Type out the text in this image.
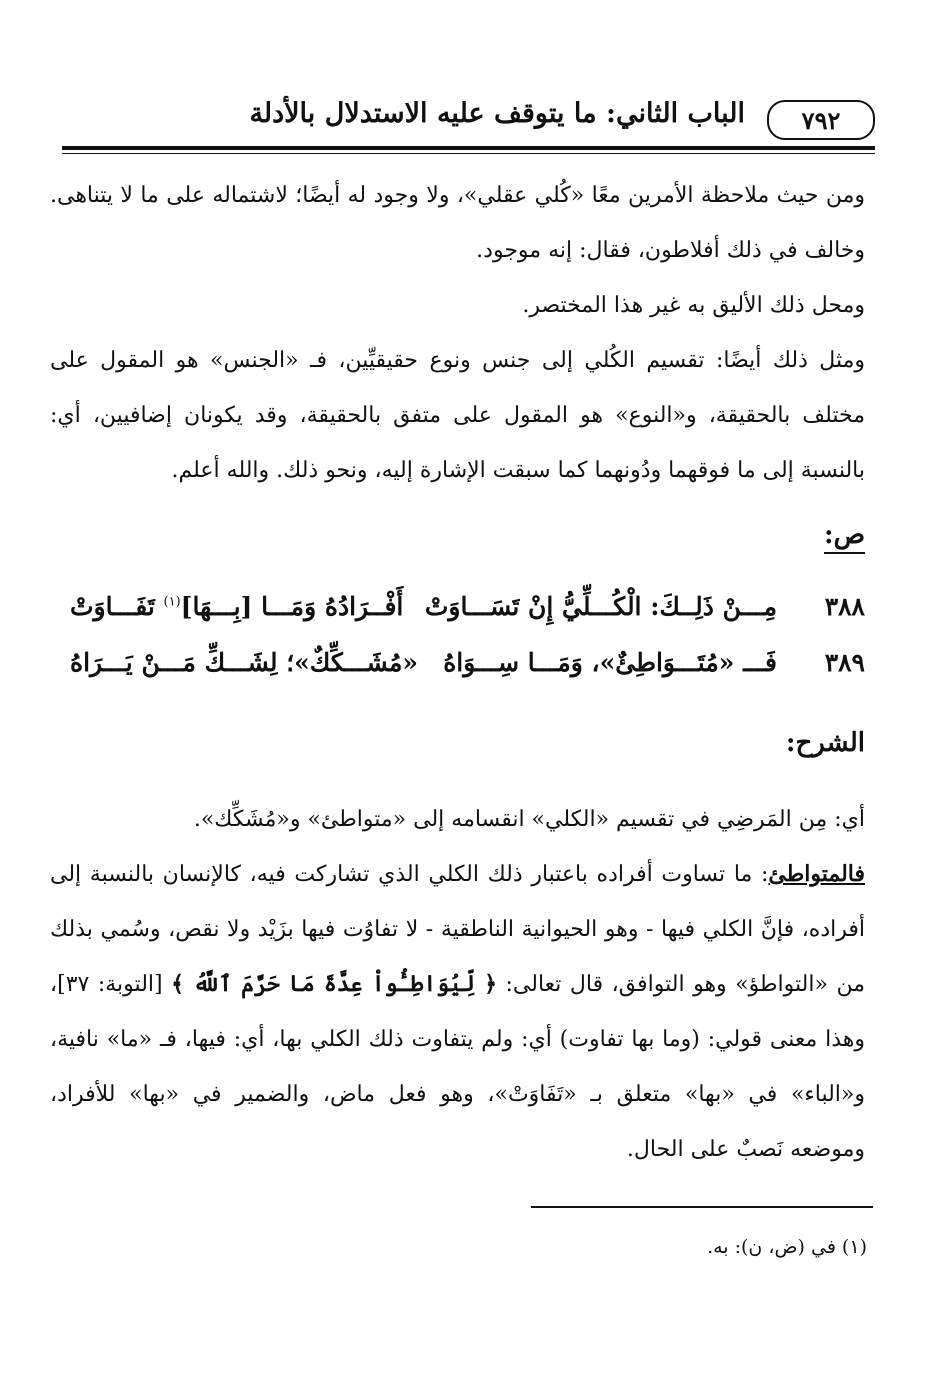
٧٩٢
الباب الثاني: ما يتوقف عليه الاستدلال بالأدلة

ومن حيث ملاحظة الأمرين معًا «كُلي عقلي»، ولا وجود له أيضًا؛ لاشتماله على ما لا يتناهى. وخالف في ذلك أفلاطون، فقال: إنه موجود.

ومحل ذلك الأليق به غير هذا المختصر.

ومثل ذلك أيضًا: تقسيم الكُلي إلى جنس ونوع حقيقيِّين، فـ «الجنس» هو المقول على مختلف بالحقيقة، و«النوع» هو المقول على متفق بالحقيقة، وقد يكونان إضافيين، أي: بالنسبة إلى ما فوقهما ودُونهما كما سبقت الإشارة إليه، ونحو ذلك. والله أعلم.

ص:
٣٨٨
مِـــنْ ذَلِــكَ: الْكُـــلِّيُّ إِنْ تَسَـــاوَتْ
أَفْــرَادُهُ وَمَـــا [بِـــهَا]$^{(١)}$ تَفَـــاوَتْ
٣٨٩
فَـــ «مُتَـــوَاطِئٌ»، وَمَـــا سِـــوَاهُ
«مُشَـــكِّكٌ»؛ لِشَـــكِّ مَـــنْ يَـــرَاهُ
الشرح:

أي: مِن المَرضِي في تقسيم «الكلي» انقسامه إلى «متواطئ» و«مُشَكِّك».

فالمتواطئ: ما تساوت أفراده باعتبار ذلك الكلي الذي تشاركت فيه، كالإنسان بالنسبة إلى أفراده، فإنَّ الكلي فيها - وهو الحيوانية الناطقية - لا تفاوُت فيها بزَيْد ولا نقص، وسُمي بذلك من «التواطؤ» وهو التوافق، قال تعالى: ﴿ لِّيُوَاطِـُٔواْ عِدَّةَ مَا حَرَّمَ ٱللَّهُ ﴾ [التوبة: ٣٧]، وهذا معنى قولي: (وما بها تفاوت) أي: ولم يتفاوت ذلك الكلي بها، أي: فيها، فـ «ما» نافية، و«الباء» في «بها» متعلق بـ «تَفَاوَتْ»، وهو فعل ماض، والضمير في «بها» للأفراد، وموضعه نَصبٌ على الحال.

(١) في (ض، ن): به.
